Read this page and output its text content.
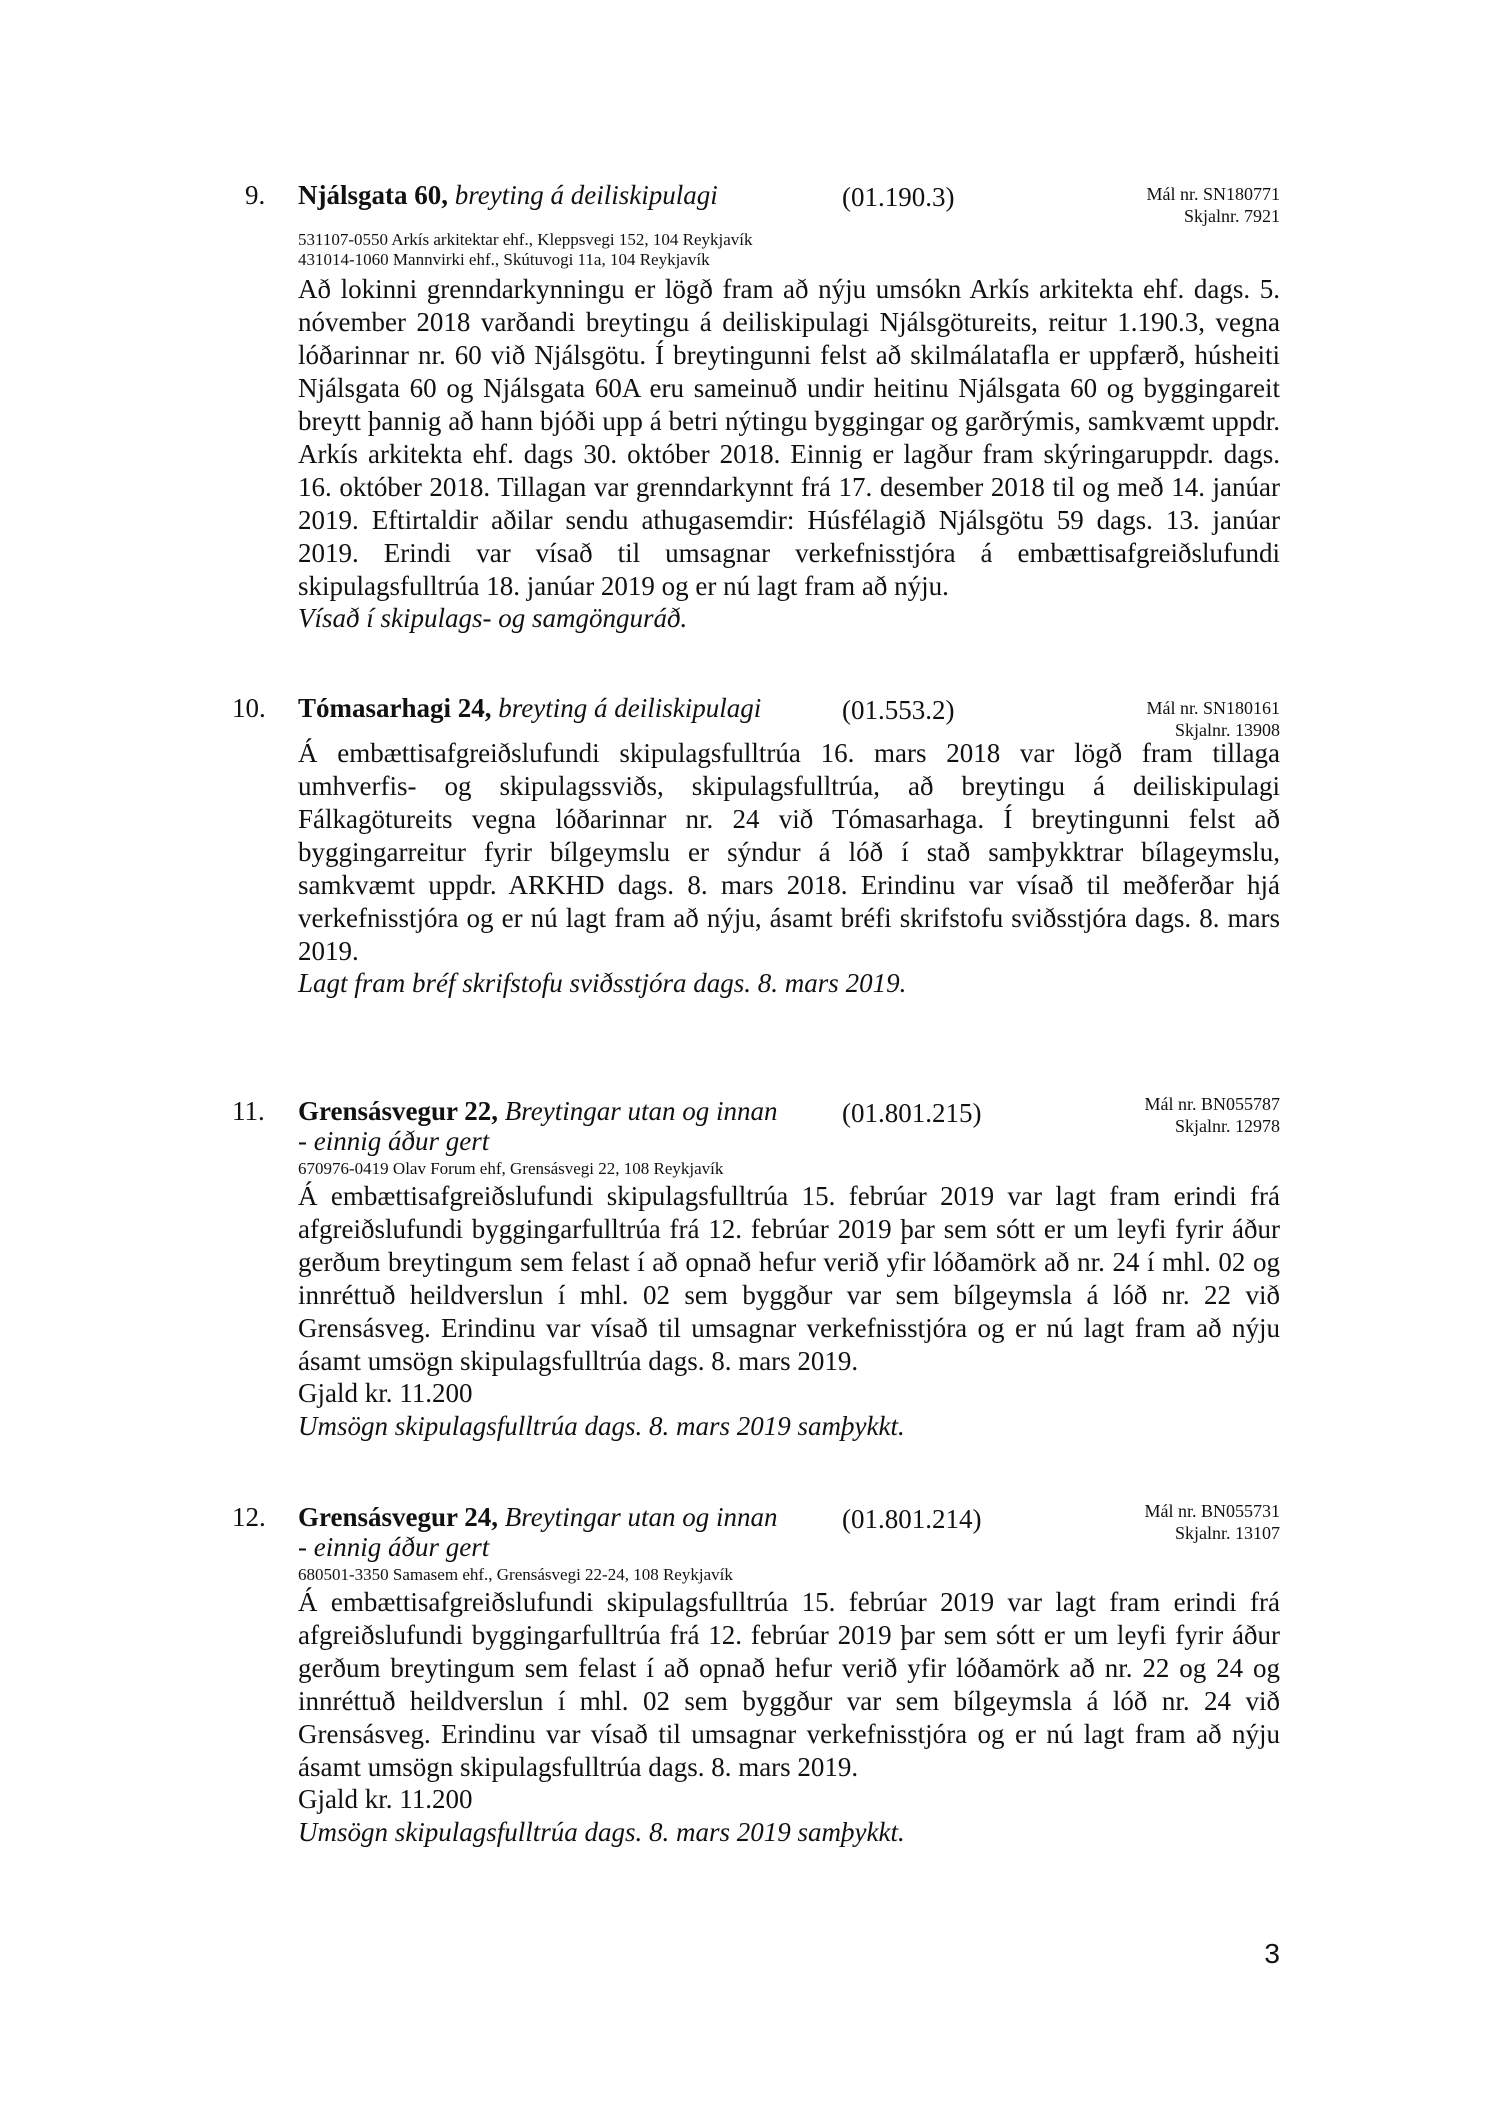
9. Njálsgata 60, breyting á deiliskipulagi	(01.190.3)	Mál nr. SN180771
Skjalnr. 7921
531107-0550 Arkís arkitektar ehf., Kleppsvegi 152, 104 Reykjavík
431014-1060 Mannvirki ehf., Skútuvogi 11a, 104 Reykjavík
Að lokinni grenndarkynningu er lögð fram að nýju umsókn Arkís arkitekta ehf. dags. 5. nóvember 2018 varðandi breytingu á deiliskipulagi Njálsgötureits, reitur 1.190.3, vegna lóðarinnar nr. 60 við Njálsgötu. Í breytingunni felst að skilmálatafla er uppfærð, húsheiti Njálsgata 60 og Njálsgata 60A eru sameinuð undir heitinu Njálsgata 60 og byggingareit breytt þannig að hann bjóði upp á betri nýtingu byggingar og garðrýmis, samkvæmt uppdr. Arkís arkitekta ehf. dags 30. október 2018. Einnig er lagður fram skýringaruppdr. dags. 16. október 2018. Tillagan var grenndarkynnt frá 17. desember 2018 til og með 14. janúar 2019. Eftirtaldir aðilar sendu athugasemdir: Húsfélagið Njálsgötu 59 dags. 13. janúar 2019. Erindi var vísað til umsagnar verkefnisstjóra á embættisafgreiðslufundi skipulagsfulltrúa 18. janúar 2019 og er nú lagt fram að nýju.
Vísað í skipulags- og samgönguráð.
10. Tómasarhagi 24, breyting á deiliskipulagi	(01.553.2)	Mál nr. SN180161
Skjalnr. 13908
Á embættisafgreiðslufundi skipulagsfulltrúa 16. mars 2018 var lögð fram tillaga umhverfis- og skipulagssviðs, skipulagsfulltrúa, að breytingu á deiliskipulagi Fálkagötureits vegna lóðarinnar nr. 24 við Tómasarhaga. Í breytingunni felst að byggingarreitur fyrir bílgeymslu er sýndur á lóð í stað samþykktrar bílageymslu, samkvæmt uppdr. ARKHD dags. 8. mars 2018. Erindinu var vísað til meðferðar hjá verkefnisstjóra og er nú lagt fram að nýju, ásamt bréfi skrifstofu sviðsstjóra dags. 8. mars 2019.
Lagt fram bréf skrifstofu sviðsstjóra dags. 8. mars 2019.
11. Grensásvegur 22, Breytingar utan og innan
- einnig áður gert
(01.801.215)	Mál nr. BN055787
Skjalnr. 12978
670976-0419 Olav Forum ehf, Grensásvegi 22, 108 Reykjavík
Á embættisafgreiðslufundi skipulagsfulltrúa 15. febrúar 2019 var lagt fram erindi frá afgreiðslufundi byggingarfulltrúa frá 12. febrúar 2019 þar sem sótt er um leyfi fyrir áður gerðum breytingum sem felast í að opnað hefur verið yfir lóðamörk að nr. 24 í mhl. 02 og innréttuð heildverslun í mhl. 02 sem byggður var sem bílgeymsla á lóð nr. 22 við Grensásveg. Erindinu var vísað til umsagnar verkefnisstjóra og er nú lagt fram að nýju ásamt umsögn skipulagsfulltrúa dags. 8. mars 2019.
Gjald kr. 11.200
Umsögn skipulagsfulltrúa dags. 8. mars 2019 samþykkt.
12. Grensásvegur 24, Breytingar utan og innan
- einnig áður gert
(01.801.214)	Mál nr. BN055731
Skjalnr. 13107
680501-3350 Samasem ehf., Grensásvegi 22-24, 108 Reykjavík
Á embættisafgreiðslufundi skipulagsfulltrúa 15. febrúar 2019 var lagt fram erindi frá afgreiðslufundi byggingarfulltrúa frá 12. febrúar 2019 þar sem sótt er um leyfi fyrir áður gerðum breytingum sem felast í að opnað hefur verið yfir lóðamörk að nr. 22 og 24 og innréttuð heildverslun í mhl. 02 sem byggður var sem bílgeymsla á lóð nr. 24 við Grensásveg. Erindinu var vísað til umsagnar verkefnisstjóra og er nú lagt fram að nýju ásamt umsögn skipulagsfulltrúa dags. 8. mars 2019.
Gjald kr. 11.200
Umsögn skipulagsfulltrúa dags. 8. mars 2019 samþykkt.
3
